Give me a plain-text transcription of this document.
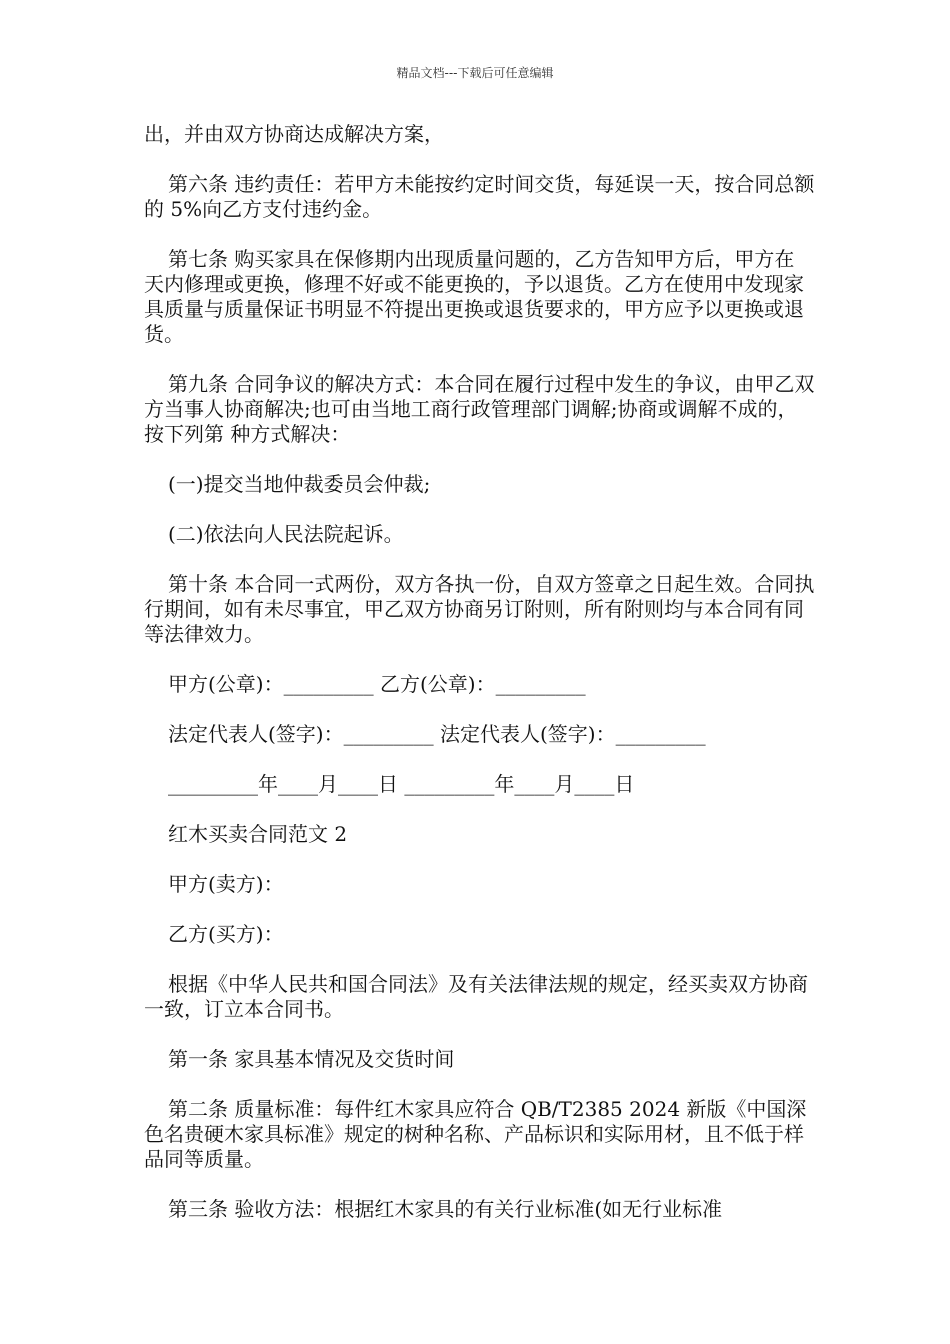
精品文档---下载后可任意编辑

出，并由双方协商达成解决方案，

第六条 违约责任：若甲方未能按约定时间交货，每延误一天，按合同总额的 5%向乙方支付违约金。

第七条 购买家具在保修期内出现质量问题的，乙方告知甲方后，甲方在 天内修理或更换，修理不好或不能更换的，予以退货。乙方在使用中发现家具质量与质量保证书明显不符提出更换或退货要求的，甲方应予以更换或退货。

第九条 合同争议的解决方式：本合同在履行过程中发生的争议，由甲乙双方当事人协商解决;也可由当地工商行政管理部门调解;协商或调解不成的，按下列第 种方式解决：

(一)提交当地仲裁委员会仲裁;

(二)依法向人民法院起诉。

第十条 本合同一式两份，双方各执一份，自双方签章之日起生效。合同执行期间，如有未尽事宜，甲乙双方协商另订附则，所有附则均与本合同有同等法律效力。

甲方(公章)：_________ 乙方(公章)：_________
法定代表人(签字)：_________ 法定代表人(签字)：_________
_________年____月____日 _________年____月____日

红木买卖合同范文 2

甲方(卖方)：

乙方(买方)：

根据《中华人民共和国合同法》及有关法律法规的规定，经买卖双方协商一致，订立本合同书。

第一条 家具基本情况及交货时间

第二条 质量标准：每件红木家具应符合 QB/T2385 2024 新版《中国深色名贵硬木家具标准》规定的树种名称、产品标识和实际用材，且不低于样品同等质量。

第三条 验收方法：根据红木家具的有关行业标准(如无行业标准
